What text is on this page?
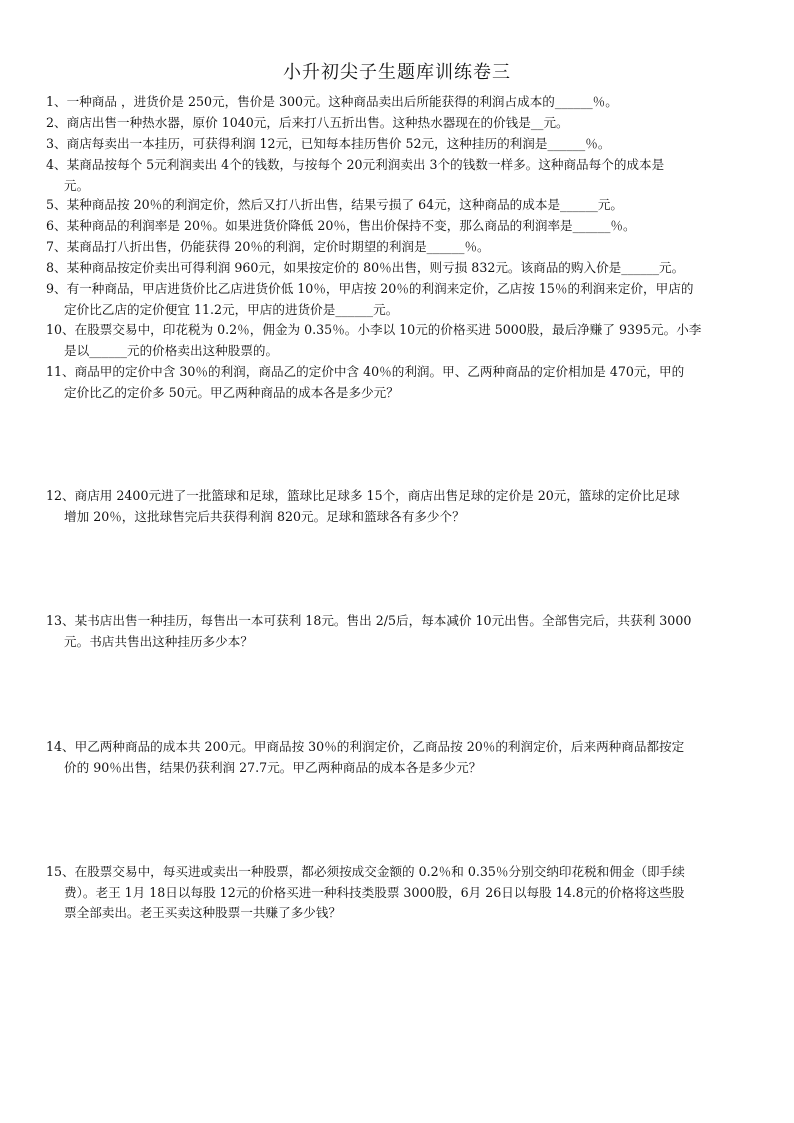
小升初尖子生题库训练卷三
1、一种商品 ，进货价是 250元，售价是 300元。这种商品卖出后所能获得的利润占成本的______％。
2、商店出售一种热水器，原价 1040元，后来打八五折出售。这种热水器现在的价钱是__元。
3、商店每卖出一本挂历，可获得利润 12元，已知每本挂历售价 52元，这种挂历的利润是______％。
4、某商品按每个 5元利润卖出 4个的钱数，与按每个 20元利润卖出 3个的钱数一样多。这种商品每个的成本是
元。
5、某种商品按 20％的利润定价，然后又打八折出售，结果亏损了 64元，这种商品的成本是______元。
6、某种商品的利润率是 20％。如果进货价降低 20％，售出价保持不变，那么商品的利润率是______％。
7、某商品打八折出售，仍能获得 20％的利润，定价时期望的利润是______％。
8、某种商品按定价卖出可得利润 960元，如果按定价的 80％出售，则亏损 832元。该商品的购入价是______元。
9、有一种商品，甲店进货价比乙店进货价低 10％，甲店按 20％的利润来定价，乙店按 15％的利润来定价，甲店的
定价比乙店的定价便宜 11.2元，甲店的进货价是______元。
10、在股票交易中，印花税为 0.2％，佣金为 0.35％。小李以 10元的价格买进 5000股，最后净赚了 9395元。小李
是以______元的价格卖出这种股票的。
11、商品甲的定价中含 30％的利润，商品乙的定价中含 40％的利润。甲、乙两种商品的定价相加是 470元，甲的
定价比乙的定价多 50元。甲乙两种商品的成本各是多少元？
12、商店用 2400元进了一批篮球和足球，篮球比足球多 15个，商店出售足球的定价是 20元，篮球的定价比足球
增加 20％，这批球售完后共获得利润 820元。足球和篮球各有多少个？
13、某书店出售一种挂历，每售出一本可获利 18元。售出 2/5后，每本减价 10元出售。全部售完后，共获利 3000
元。书店共售出这种挂历多少本？
14、甲乙两种商品的成本共 200元。甲商品按 30％的利润定价，乙商品按 20％的利润定价，后来两种商品都按定
价的 90％出售，结果仍获利润 27.7元。甲乙两种商品的成本各是多少元？
15、在股票交易中，每买进或卖出一种股票，都必须按成交金额的 0.2％和 0.35％分别交纳印花税和佣金（即手续
费）。老王 1月 18日以每股 12元的价格买进一种科技类股票 3000股，6月 26日以每股 14.8元的价格将这些股
票全部卖出。老王买卖这种股票一共赚了多少钱？
